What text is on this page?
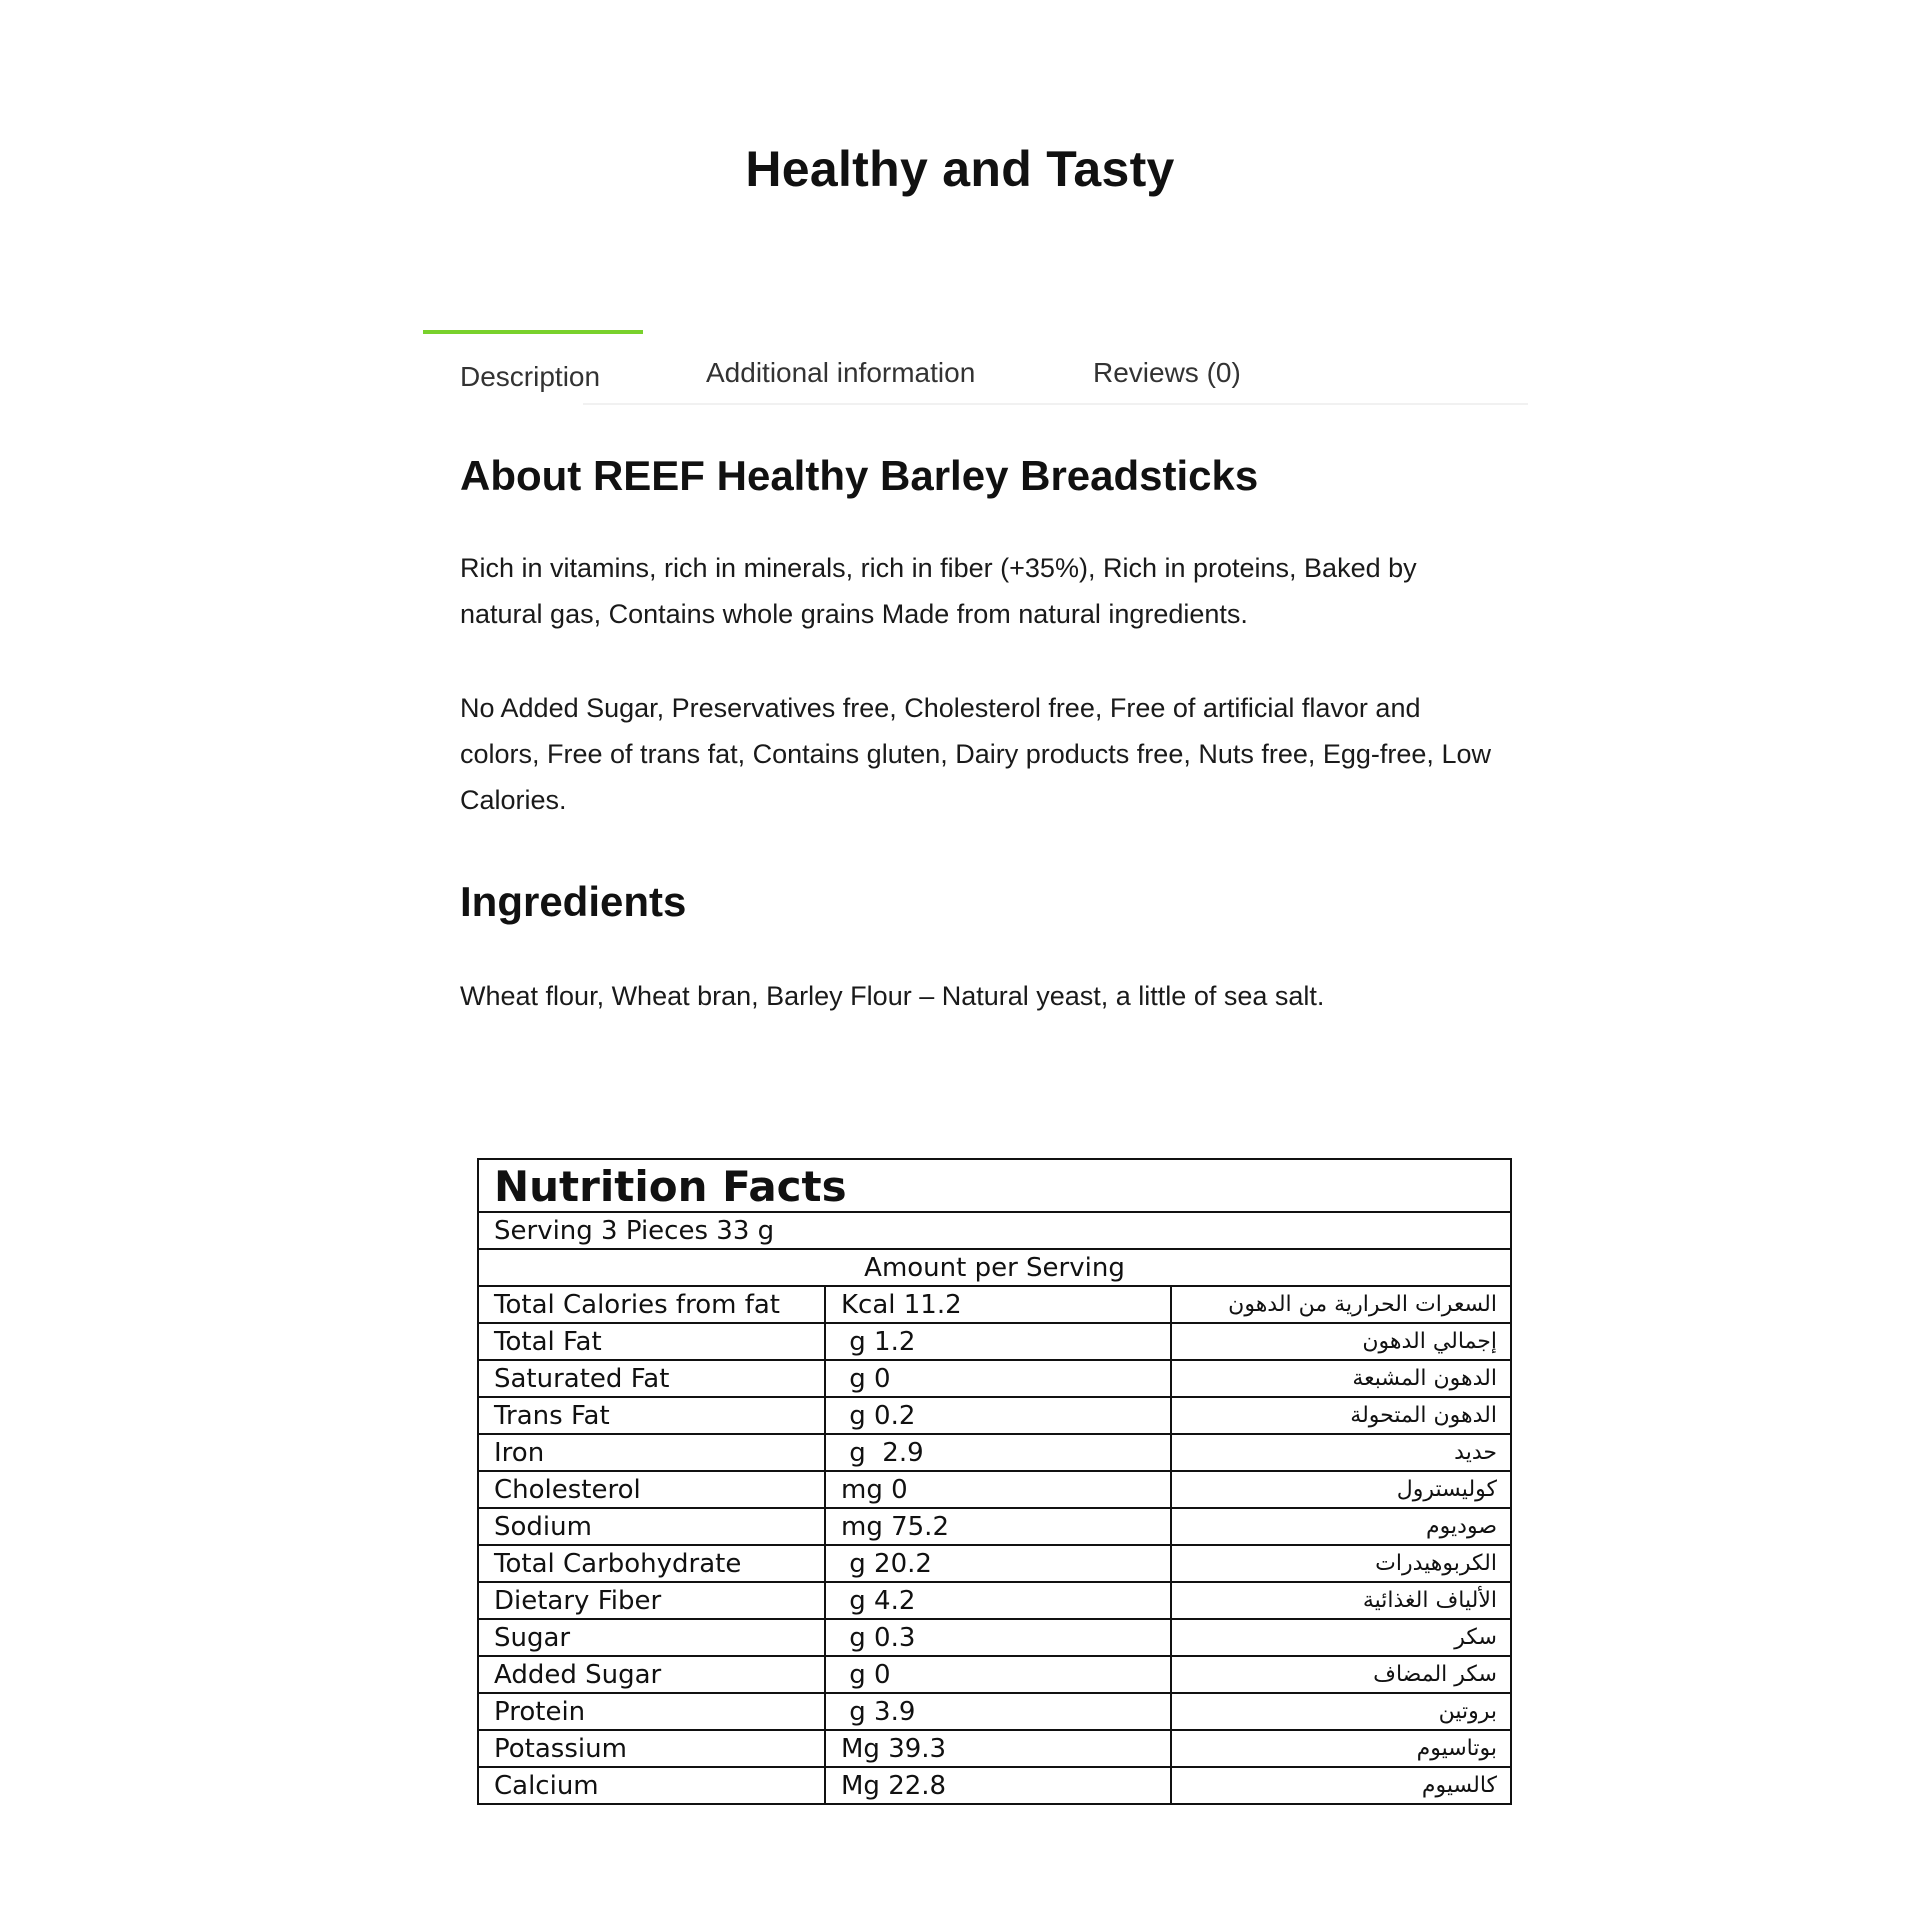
Healthy and Tasty
Description	Additional information	Reviews (0)
About REEF Healthy Barley Breadsticks

Rich in vitamins, rich in minerals, rich in fiber (+35%), Rich in proteins, Baked by natural gas, Contains whole grains Made from natural ingredients.

No Added Sugar, Preservatives free, Cholesterol free, Free of artificial flavor and colors, Free of trans fat, Contains gluten, Dairy products free, Nuts free, Egg-free, Low Calories.

Ingredients

Wheat flour, Wheat bran, Barley Flour – Natural yeast, a little of sea salt.

Nutrition Facts
Serving 3 Pieces 33 g
Amount per Serving
Total Calories from fat	Kcal 11.2	السعرات الحرارية من الدهون
Total Fat	g 1.2	إجمالي الدهون
Saturated Fat	g 0	الدهون المشبعة
Trans Fat	g 0.2	الدهون المتحولة
Iron	g  2.9	حديد
Cholesterol	mg 0	كوليسترول
Sodium	mg 75.2	صوديوم
Total Carbohydrate	g 20.2	الكربوهيدرات
Dietary Fiber	g 4.2	الألياف الغذائية
Sugar	g 0.3	سكر
Added Sugar	g 0	سكر المضاف
Protein	g 3.9	بروتين
Potassium	Mg 39.3	بوتاسيوم
Calcium	Mg 22.8	كالسيوم
